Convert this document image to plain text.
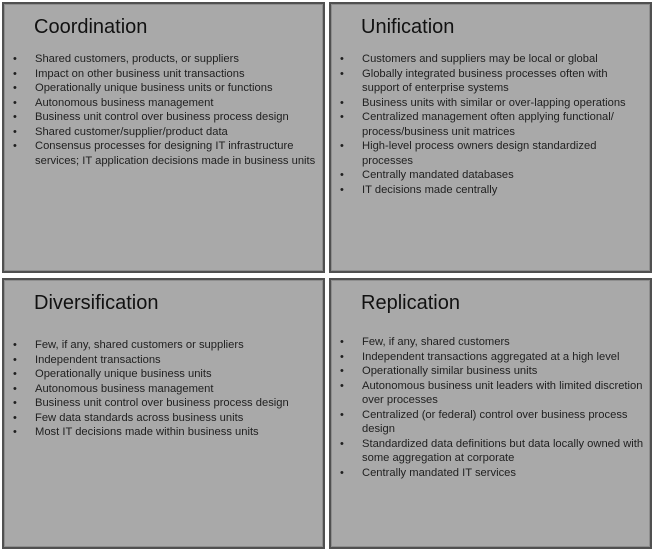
Coordination
• Shared customers, products, or suppliers
• Impact on other business unit transactions
• Operationally unique business units or functions
• Autonomous business management
• Business unit control over business process design
• Shared customer/supplier/product data
• Consensus processes for designing IT infrastructure services; IT application decisions made in business units
Unification
• Customers and suppliers may be local or global
• Globally integrated business processes often with support of enterprise systems
• Business units with similar or over-lapping operations
• Centralized management often applying functional/ process/business unit matrices
• High-level process owners design standardized processes
• Centrally mandated databases
• IT decisions made centrally
Diversification
• Few, if any, shared customers or suppliers
• Independent transactions
• Operationally unique business units
• Autonomous business management
• Business unit control over business process design
• Few data standards across business units
• Most IT decisions made within business units
Replication
• Few, if any, shared customers
• Independent transactions aggregated at a high level
• Operationally similar business units
• Autonomous business unit leaders with limited discretion over processes
• Centralized (or federal) control over business process design
• Standardized data definitions but data locally owned with some aggregation at corporate
• Centrally mandated IT services
